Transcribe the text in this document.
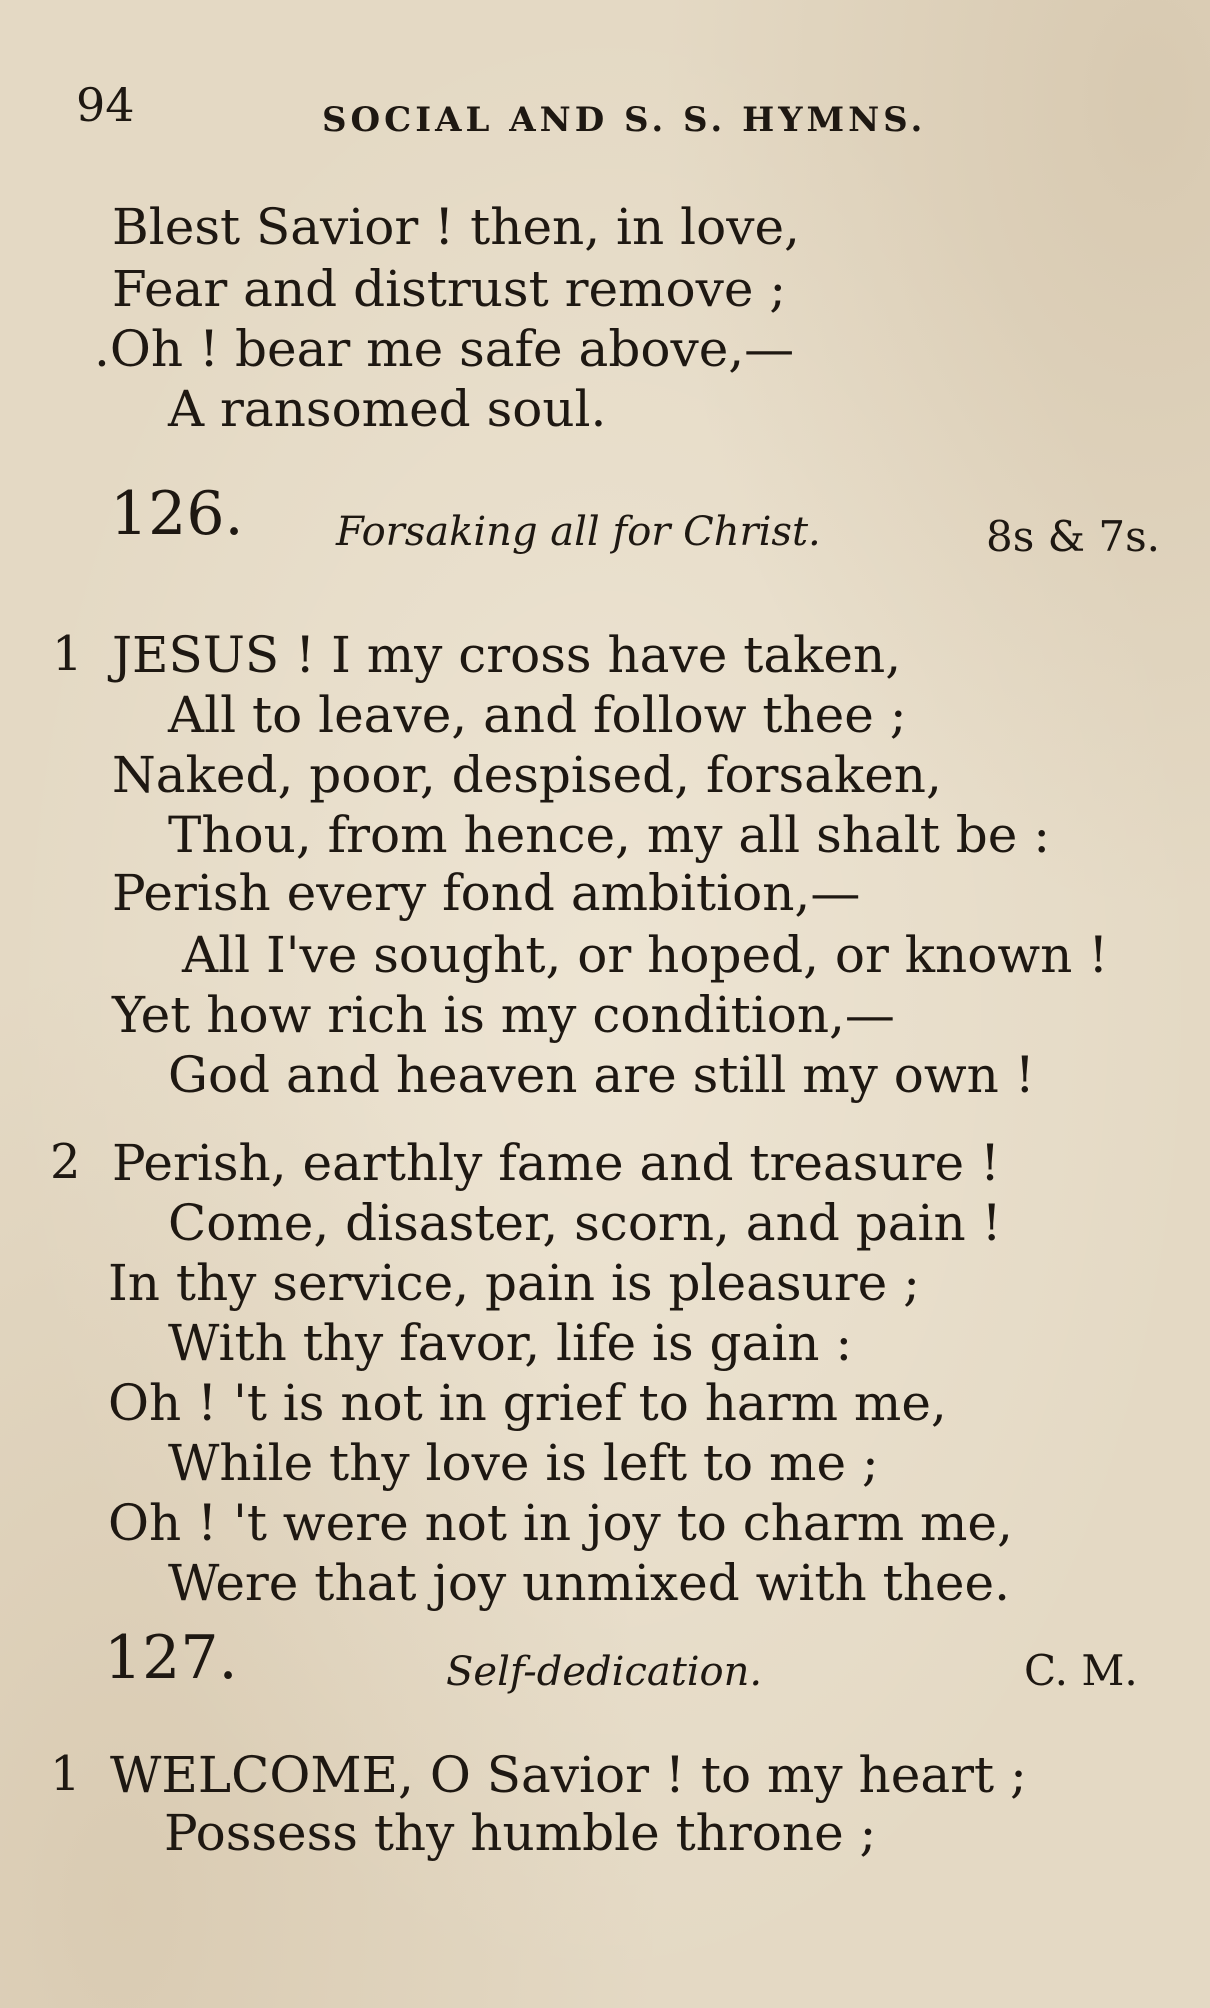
94	SOCIAL AND S. S. HYMNS.
Blest Savior ! then, in love,
Fear and distrust remove ;
.Oh ! bear me safe above,—
A ransomed soul.
126. Forsaking all for Christ.	8s & 7s.
1 JESUS ! I my cross have taken,
All to leave, and follow thee ;
Naked, poor, despised, forsaken,
Thou, from hence, my all shalt be :
Perish every fond ambition,—
All I've sought, or hoped, or known !
Yet how rich is my condition,—
God and heaven are still my own !
2 Perish, earthly fame and treasure !
Come, disaster, scorn, and pain !
In thy service, pain is pleasure ;
With thy favor, life is gain :
Oh ! 't is not in grief to harm me,
While thy love is left to me ;
Oh ! 't were not in joy to charm me,
Were that joy unmixed with thee.
127.	Self-dedication.	C. M.
1 WELCOME, O Savior ! to my heart ;
Possess thy humble throne ;
